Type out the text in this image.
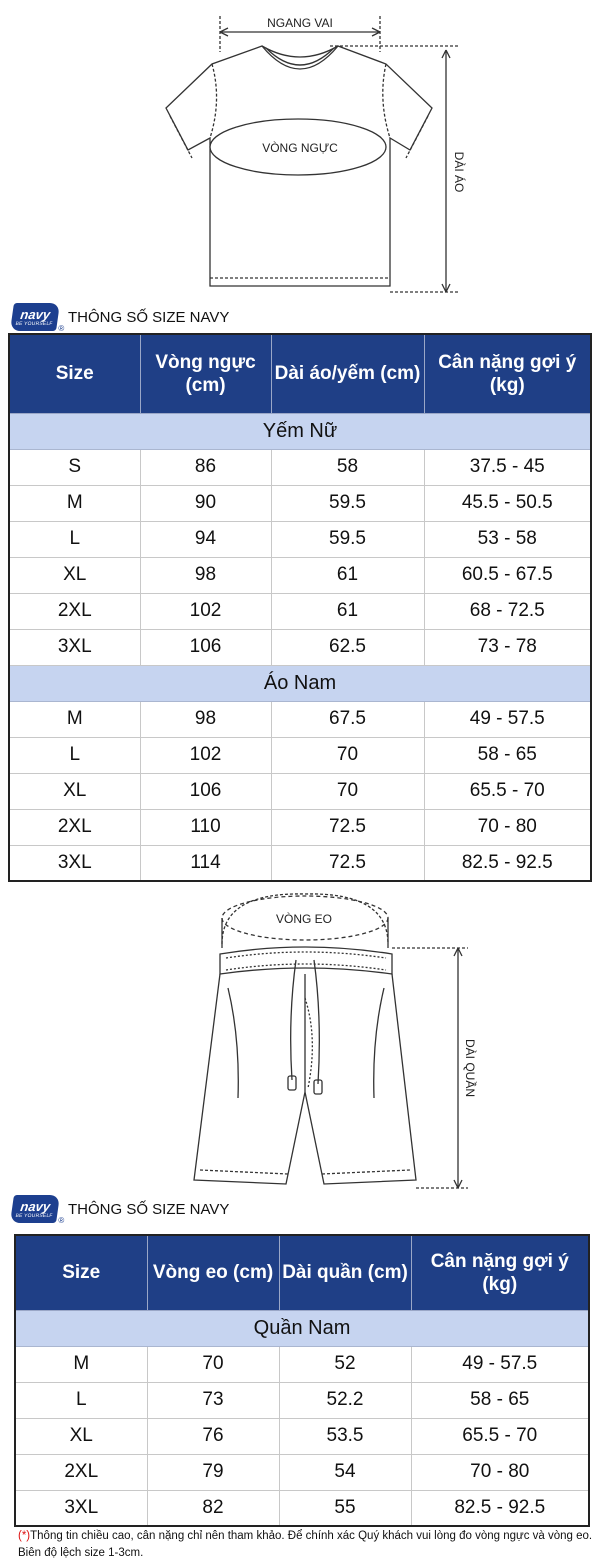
NGANG VAI
VÒNG NGỰC
DÀI ÁO
navy
BE YOURSELF
®
THÔNG SỐ SIZE NAVY
Size	Vòng ngực (cm)	Dài áo/yếm (cm)	Cân nặng gợi ý (kg)
Yếm Nữ			
S	86	58	37.5 - 45
M	90	59.5	45.5 - 50.5
L	94	59.5	53 - 58
XL	98	61	60.5 - 67.5
2XL	102	61	68 - 72.5
3XL	106	62.5	73 - 78
Áo Nam			
M	98	67.5	49 - 57.5
L	102	70	58 - 65
XL	106	70	65.5 - 70
2XL	110	72.5	70 - 80
3XL	114	72.5	82.5 - 92.5
VÒNG EO
DÀI QUẦN
navy
BE YOURSELF
®
THÔNG SỐ SIZE NAVY
Size	Vòng eo (cm)	Dài quần (cm)	Cân nặng gợi ý (kg)
Quần Nam			
M	70	52	49 - 57.5
L	73	52.2	58 - 65
XL	76	53.5	65.5 - 70
2XL	79	54	70 - 80
3XL	82	55	82.5 - 92.5
(*)Thông tin chiều cao, cân nặng chỉ nên tham khảo. Để chính xác Quý khách vui lòng đo vòng ngực và vòng eo. Biên độ lệch size 1-3cm.
